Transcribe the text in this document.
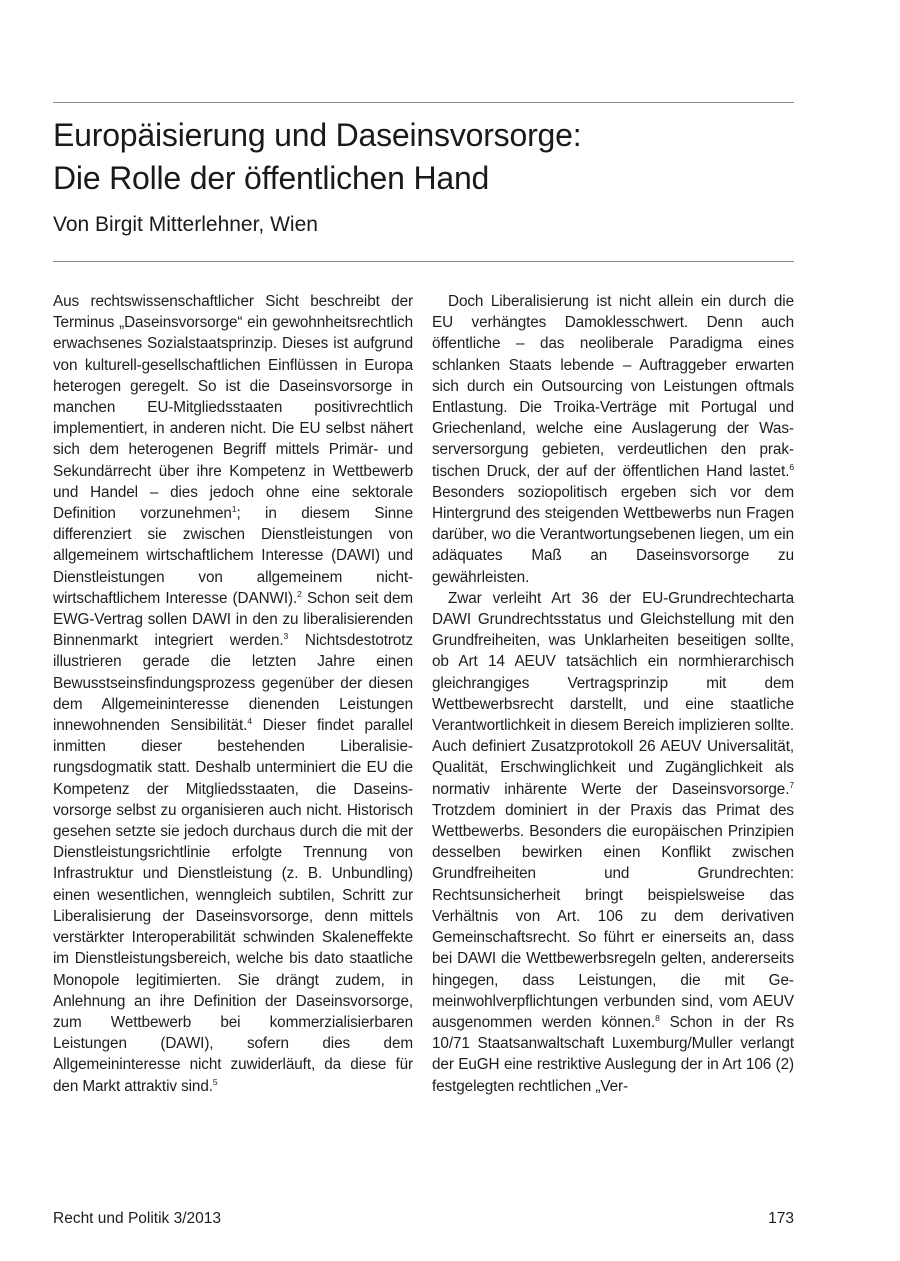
Europäisierung und Daseinsvorsorge:
Die Rolle der öffentlichen Hand
Von Birgit Mitterlehner, Wien

Aus rechtswissenschaftlicher Sicht beschreibt der Terminus „Daseinsvorsorge“ ein gewohnheitsrechtlich erwachsenes Sozialstaatsprinzip. Dieses ist aufgrund von kulturell-gesellschaftlichen Einflüssen in Europa heterogen geregelt. So ist die Daseinsvorsorge in manchen EU-Mitgliedsstaaten positivrechtlich implementiert, in anderen nicht. Die EU selbst nähert sich dem heterogenen Begriff mittels Primär- und Sekundärrecht über ihre Kompetenz in Wettbewerb und Handel – dies jedoch ohne eine sektorale Definition vorzunehmen$^1$; in diesem Sinne differenziert sie zwischen Dienstleistungen von allgemeinem wirtschaftlichem Interesse (DAWI) und Dienstleistungen von allgemeinem nicht-wirtschaftlichem Interesse (DANWI).$^2$ Schon seit dem EWG-Vertrag sollen DAWI in den zu liberalisierenden Binnenmarkt integriert werden.$^3$ Nichtsdestotrotz illustrieren gerade die letzten Jahre einen Bewusstseinsfindungsprozess gegenüber der diesen dem Allgemeininteresse dienenden Leistungen innewohnenden Sensibilität.$^4$ Dieser findet parallel inmitten dieser bestehenden Liberalisierungsdogmatik statt. Deshalb unterminiert die EU die Kompetenz der Mitgliedsstaaten, die Daseinsvorsorge selbst zu organisieren auch nicht. Historisch gesehen setzte sie jedoch durchaus durch die mit der Dienstleistungsrichtlinie erfolgte Trennung von Infrastruktur und Dienstleistung (z. B. Unbundling) einen wesentlichen, wenngleich subtilen, Schritt zur Liberalisierung der Daseinsvorsorge, denn mittels verstärkter Interoperabilität schwinden Skaleneffekte im Dienstleistungsbereich, welche bis dato staatliche Monopole legitimierten. Sie drängt zudem, in Anlehnung an ihre Definition der Daseinsvorsorge, zum Wettbewerb bei kommerzialisierbaren Leistungen (DAWI), sofern dies dem Allgemeininteresse nicht zuwiderläuft, da diese für den Markt attraktiv sind.$^5$

Doch Liberalisierung ist nicht allein ein durch die EU verhängtes Damoklesschwert. Denn auch öffentliche – das neoliberale Paradigma eines schlanken Staats lebende – Auftraggeber erwarten sich durch ein Outsourcing von Leistungen oftmals Entlastung. Die Troika-Verträge mit Portugal und Griechenland, welche eine Auslagerung der Wasserversorgung gebieten, verdeutlichen den praktischen Druck, der auf der öffentlichen Hand lastet.$^6$ Besonders soziopolitisch ergeben sich vor dem Hintergrund des steigenden Wettbewerbs nun Fragen darüber, wo die Verantwortungsebenen liegen, um ein adäquates Maß an Daseinsvorsorge zu gewährleisten.

Zwar verleiht Art 36 der EU-Grundrechtecharta DAWI Grundrechtsstatus und Gleichstellung mit den Grundfreiheiten, was Unklarheiten beseitigen sollte, ob Art 14 AEUV tatsächlich ein normhierarchisch gleichrangiges Vertragsprinzip mit dem Wettbewerbsrecht darstellt, und eine staatliche Verantwortlichkeit in diesem Bereich implizieren sollte. Auch definiert Zusatzprotokoll 26 AEUV Universalität, Qualität, Erschwinglichkeit und Zugänglichkeit als normativ inhärente Werte der Daseinsvorsorge.$^7$ Trotzdem dominiert in der Praxis das Primat des Wettbewerbs. Besonders die europäischen Prinzipien desselben bewirken einen Konflikt zwischen Grundfreiheiten und Grundrechten: Rechtsunsicherheit bringt beispielsweise das Verhältnis von Art. 106 zu dem derivativen Gemeinschaftsrecht. So führt er einerseits an, dass bei DAWI die Wettbewerbsregeln gelten, andererseits hingegen, dass Leistungen, die mit Gemeinwohlverpflichtungen verbunden sind, vom AEUV ausgenommen werden können.$^8$ Schon in der Rs 10/71 Staatsanwaltschaft Luxemburg/Muller verlangt der EuGH eine restriktive Auslegung der in Art 106 (2) festgelegten rechtlichen „Ver-

Recht und Politik 3/2013	173
